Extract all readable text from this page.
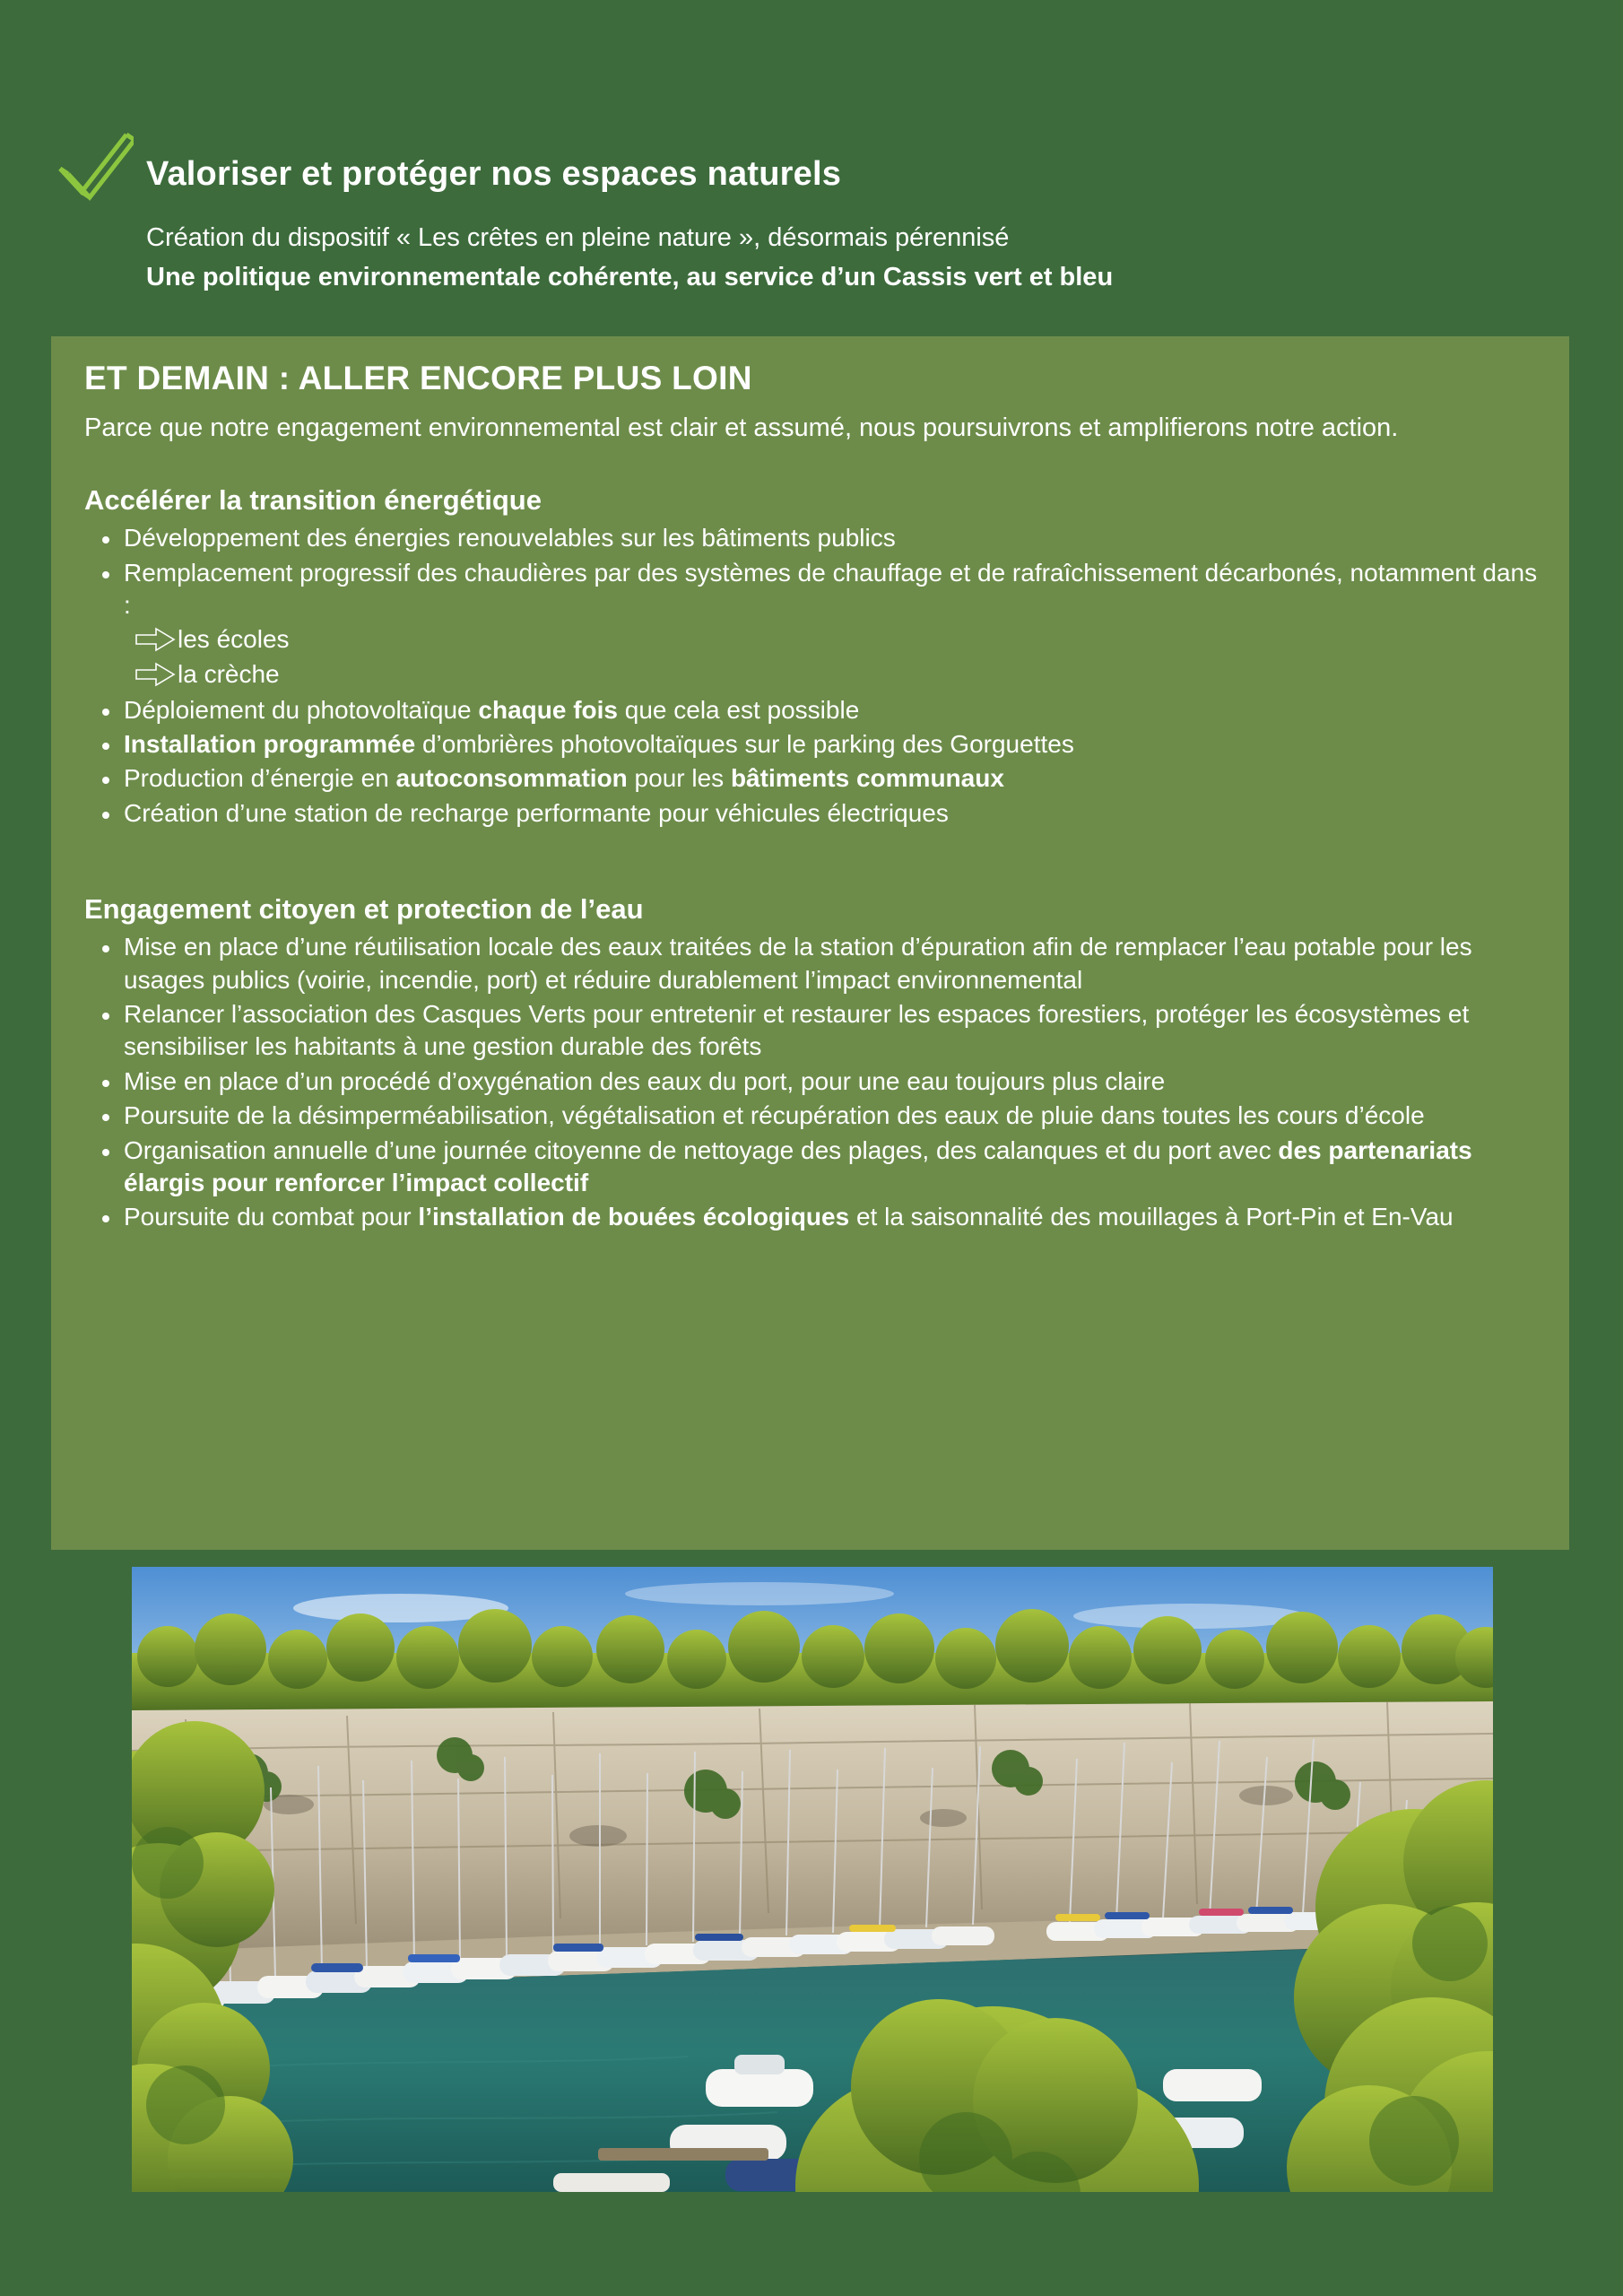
Valoriser et protéger nos espaces naturels
Création du dispositif « Les crêtes en pleine nature », désormais pérennisé
Une politique environnementale cohérente, au service d’un Cassis vert et bleu
ET DEMAIN : ALLER ENCORE PLUS LOIN

Parce que notre engagement environnemental est clair et assumé, nous poursuivrons et amplifierons notre action.

Accélérer la transition énergétique
Développement des énergies renouvelables sur les bâtiments publics
Remplacement progressif des chaudières par des systèmes de chauffage et de rafraîchissement décarbonés, notamment dans :
les écoles
la crèche
Déploiement du photovoltaïque chaque fois que cela est possible
Installation programmée d’ombrières photovoltaïques sur le parking des Gorguettes
Production d’énergie en autoconsommation pour les bâtiments communaux
Création d’une station de recharge performante pour véhicules électriques
Engagement citoyen et protection de l’eau
Mise en place d’une réutilisation locale des eaux traitées de la station d’épuration afin de remplacer l’eau potable pour les usages publics (voirie, incendie, port) et réduire durablement l’impact environnemental
Relancer l’association des Casques Verts pour entretenir et restaurer les espaces forestiers, protéger les écosystèmes et sensibiliser les habitants à une gestion durable des forêts
Mise en place d’un procédé d’oxygénation des eaux du port, pour une eau toujours plus claire
Poursuite de la désimperméabilisation, végétalisation et récupération des eaux de pluie dans toutes les cours d’école
Organisation annuelle d’une journée citoyenne de nettoyage des plages, des calanques et du port avec des partenariats élargis pour renforcer l’impact collectif
Poursuite du combat pour l’installation de bouées écologiques et la saisonnalité des mouillages à Port-Pin et En-Vau
